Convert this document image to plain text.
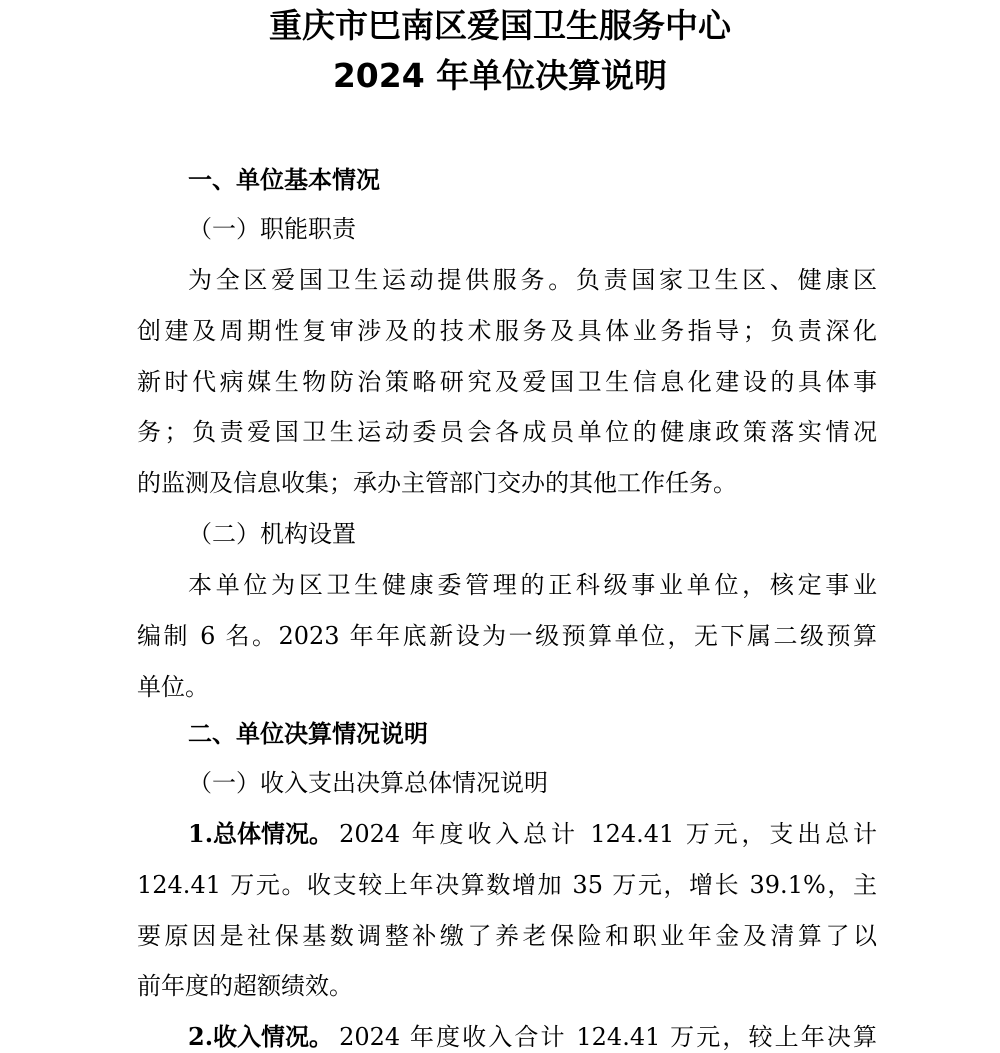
重庆市巴南区爱国卫生服务中心
2024 年单位决算说明

一、单位基本情况

（一）职能职责

为全区爱国卫生运动提供服务。负责国家卫生区、健康区

创建及周期性复审涉及的技术服务及具体业务指导；负责深化

新时代病媒生物防治策略研究及爱国卫生信息化建设的具体事

务；负责爱国卫生运动委员会各成员单位的健康政策落实情况

的监测及信息收集；承办主管部门交办的其他工作任务。

（二）机构设置

本单位为区卫生健康委管理的正科级事业单位，核定事业

编制 6 名。2023 年年底新设为一级预算单位，无下属二级预算

单位。

二、单位决算情况说明

（一）收入支出决算总体情况说明

1.总体情况。 2024 年度收入总计 124.41 万元，支出总计

124.41 万元。收支较上年决算数增加 35 万元，增长 39.1%，主

要原因是社保基数调整补缴了养老保险和职业年金及清算了以

前年度的超额绩效。

2.收入情况。 2024 年度收入合计 124.41 万元，较上年决算
